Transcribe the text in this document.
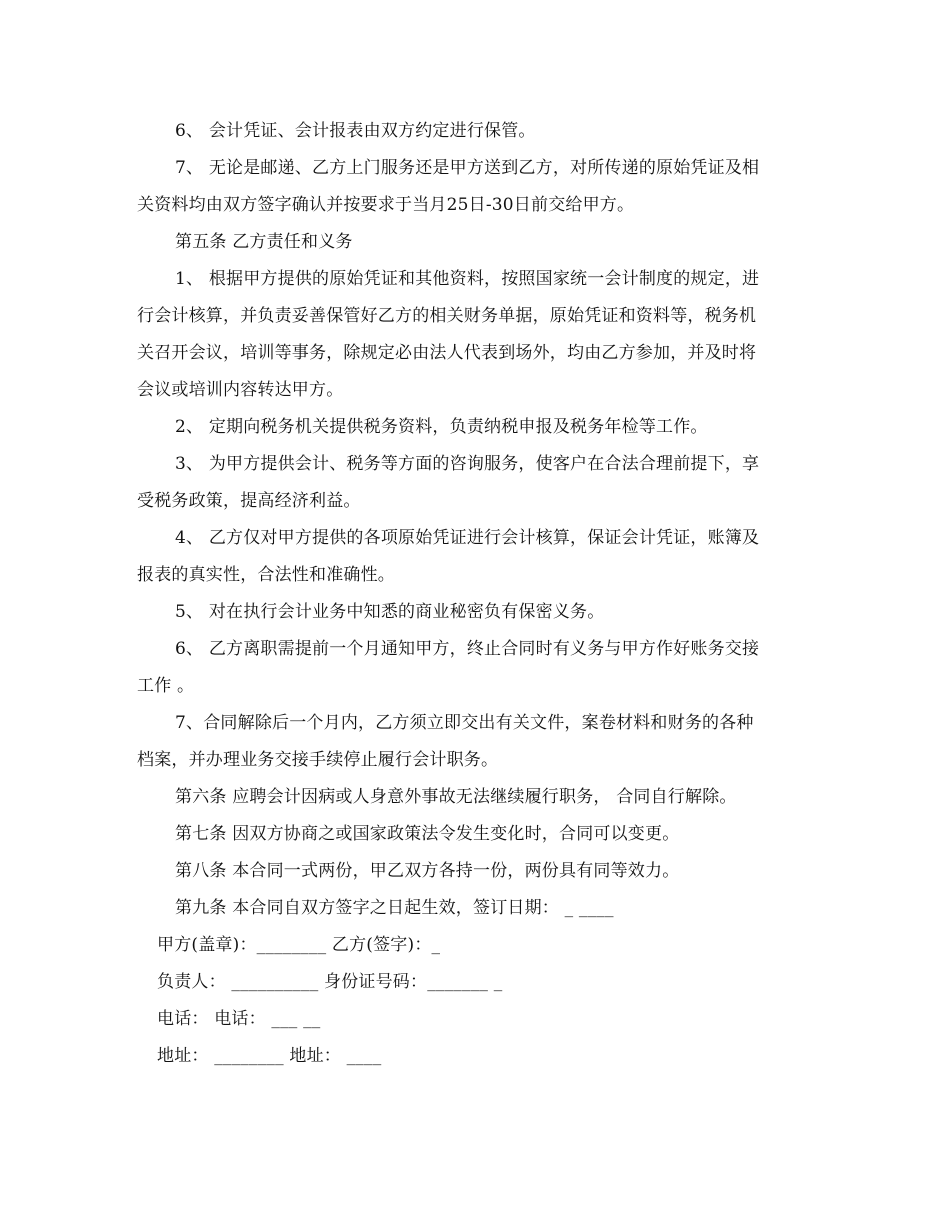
6、 会计凭证、会计报表由双方约定进行保管。
7、 无论是邮递、乙方上门服务还是甲方送到乙方，对所传递的原始凭证及相
关资料均由双方签字确认并按要求于当月25日-30日前交给甲方。
第五条 乙方责任和义务
1、 根据甲方提供的原始凭证和其他资料，按照国家统一会计制度的规定，进
行会计核算，并负责妥善保管好乙方的相关财务单据，原始凭证和资料等，税务机
关召开会议，培训等事务，除规定必由法人代表到场外，均由乙方参加，并及时将
会议或培训内容转达甲方。
2、 定期向税务机关提供税务资料，负责纳税申报及税务年检等工作。
3、 为甲方提供会计、税务等方面的咨询服务，使客户在合法合理前提下，享
受税务政策，提高经济利益。
4、 乙方仅对甲方提供的各项原始凭证进行会计核算，保证会计凭证，账簿及
报表的真实性，合法性和准确性。
5、 对在执行会计业务中知悉的商业秘密负有保密义务。
6、 乙方离职需提前一个月通知甲方，终止合同时有义务与甲方作好账务交接
工作 。
7、合同解除后一个月内，乙方须立即交出有关文件，案卷材料和财务的各种
档案，并办理业务交接手续停止履行会计职务。
第六条 应聘会计因病或人身意外事故无法继续履行职务， 合同自行解除。
第七条 因双方协商之或国家政策法令发生变化时，合同可以变更。
第八条 本合同一式两份，甲乙双方各持一份，两份具有同等效力。
第九条 本合同自双方签字之日起生效，签订日期： _ ____
甲方(盖章)：________ 乙方(签字)：_
负责人： __________ 身份证号码：_______ _
电话： 电话： ___ __
地址： ________ 地址： ____
